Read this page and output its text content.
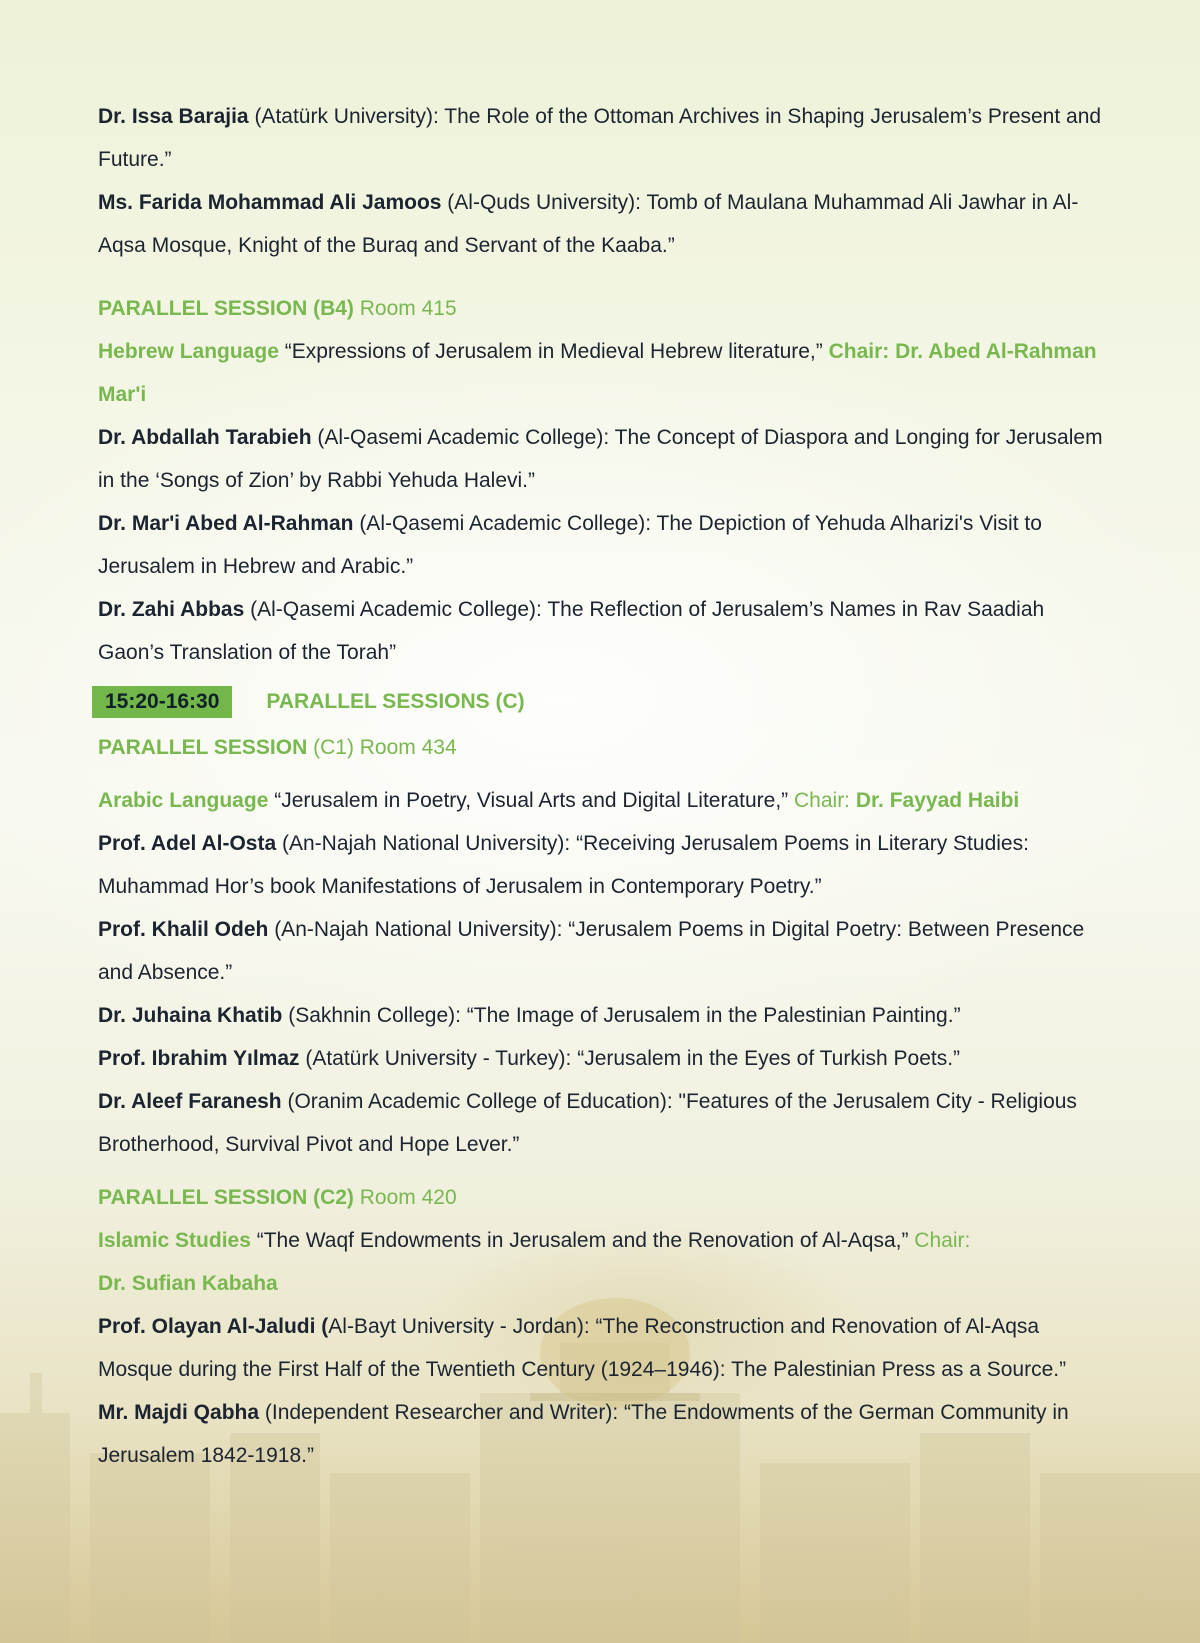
Dr. Issa Barajia (Atatürk University): The Role of the Ottoman Archives in Shaping Jerusalem’s Present and Future.”

Ms. Farida Mohammad Ali Jamoos (Al-Quds University): Tomb of Maulana Muhammad Ali Jawhar in Al-Aqsa Mosque, Knight of the Buraq and Servant of the Kaaba.”

PARALLEL SESSION (B4) Room 415

Hebrew Language “Expressions of Jerusalem in Medieval Hebrew literature,” Chair: Dr. Abed Al-Rahman Mar'i

Dr. Abdallah Tarabieh (Al-Qasemi Academic College): The Concept of Diaspora and Longing for Jerusalem in the ‘Songs of Zion’ by Rabbi Yehuda Halevi.”

Dr. Mar'i Abed Al-Rahman (Al-Qasemi Academic College): The Depiction of Yehuda Alharizi's Visit to Jerusalem in Hebrew and Arabic.”

Dr. Zahi Abbas (Al-Qasemi Academic College): The Reflection of Jerusalem’s Names in Rav Saadiah Gaon’s Translation of the Torah”

15:20-16:30	PARALLEL SESSIONS (C)

PARALLEL SESSION (C1) Room 434

Arabic Language “Jerusalem in Poetry, Visual Arts and Digital Literature,” Chair: Dr. Fayyad Haibi

Prof. Adel Al-Osta (An-Najah National University): “Receiving Jerusalem Poems in Literary Studies: Muhammad Hor’s book Manifestations of Jerusalem in Contemporary Poetry.”

Prof. Khalil Odeh (An-Najah National University): “Jerusalem Poems in Digital Poetry: Between Presence and Absence.”

Dr. Juhaina Khatib (Sakhnin College): “The Image of Jerusalem in the Palestinian Painting.”

Prof. Ibrahim Yılmaz (Atatürk University - Turkey): “Jerusalem in the Eyes of Turkish Poets.”

Dr. Aleef Faranesh (Oranim Academic College of Education): "Features of the Jerusalem City - Religious Brotherhood, Survival Pivot and Hope Lever.”

PARALLEL SESSION (C2) Room 420

Islamic Studies “The Waqf Endowments in Jerusalem and the Renovation of Al-Aqsa,” Chair:
Dr. Sufian Kabaha

Prof. Olayan Al-Jaludi (Al-Bayt University - Jordan): “The Reconstruction and Renovation of Al-Aqsa Mosque during the First Half of the Twentieth Century (1924–1946): The Palestinian Press as a Source.”

Mr. Majdi Qabha (Independent Researcher and Writer): “The Endowments of the German Community in Jerusalem 1842-1918.”
